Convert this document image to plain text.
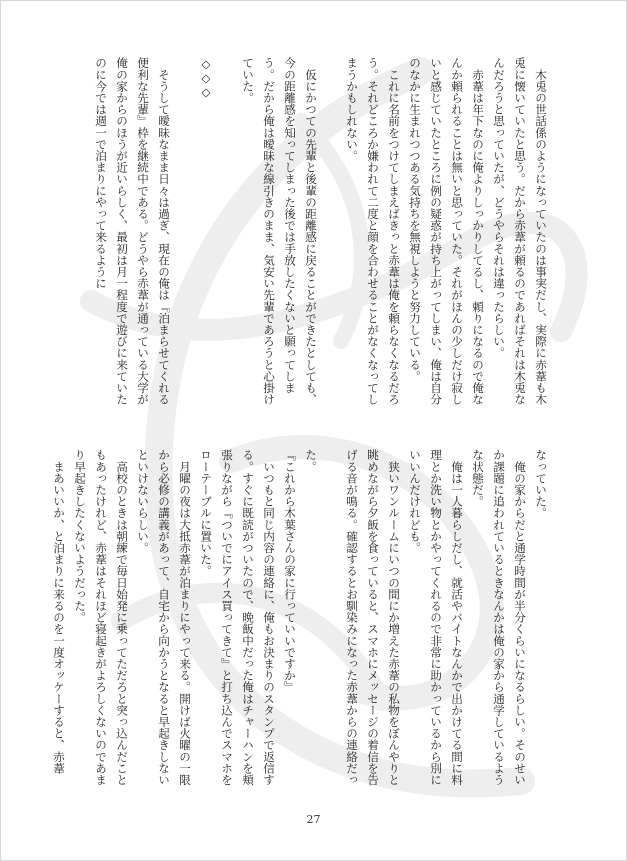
　木兎の世話係のようになっていたのは事実だし、実際に赤葦も木兎に懐いていたと思う。だから赤葦が頼るのであればそれは木兎なんだろうと思っていたが、どうやらそれは違ったらしい。
　赤葦は年下なのに俺よりしっかりしてるし、頼りになるので俺なんか頼られることは無いと思っていた。それがほんの少しだけ寂しいと感じていたところに例の疑惑が持ち上がってしまい、俺は自分のなかに生まれつつある気持ちを無視しようと努力している。
　これに名前をつけてしまえばきっと赤葦は俺を頼らなくなるだろう。それどころか嫌われて二度と顔を合わせることがなくなってしまうかもしれない。

　仮にかつての先輩と後輩の距離感に戻ることができたとしても、今の距離感を知ってしまった後では手放したくないと願ってしまう。だから俺は曖昧な線引きのまま、気安い先輩であろうと心掛けていた。

◇◇◇

　そうして曖昧なまま日々は過ぎ、現在の俺は『泊まらせてくれる便利な先輩』枠を継続中である。どうやら赤葦が通っている大学が俺の家からのほうが近いらしく、最初は月一程度で遊びに来ていたのに今では週一で泊まりにやって来るように
なっていた。
　俺の家からだと通学時間が半分くらいになるらしい。そのせいか課題に追われているときなんかは俺の家から通学しているような状態だ。
　俺は一人暮らしだし、就活やバイトなんかで出かけてる間に料理とか洗い物とかやってくれるので非常に助かっているから別にいいんだけれども。
　狭いワンルームにいつの間にか増えた赤葦の私物をぼんやりと眺めながら夕飯を食っていると、スマホにメッセージの着信を告げる音が鳴る。確認するとお馴染みになった赤葦からの連絡だっ
た。
『これから木葉さんの家に行っていいですか』
　いつもと同じ内容の連絡に、俺もお決まりのスタンプで返信する。すぐに既読がついたので、晩飯中だった俺はチャーハンを頬張りながら『ついでにアイス買ってきて』と打ち込んでスマホをローテーブルに置いた。
　月曜の夜は大抵赤葦が泊まりにやって来る。開けば火曜の一限から必修の講義があって、自宅から向かうとなると早起きしないといけないらしい。
　高校のときは朝練で毎日始発に乗ってただろと突っ込んだこともあったけれど、赤葦はそれほど寝起きがよろしくないのであまり早起きしたくないようだった。
　まあいいか、と泊まりに来るのを一度オッケーすると、赤葦
27
